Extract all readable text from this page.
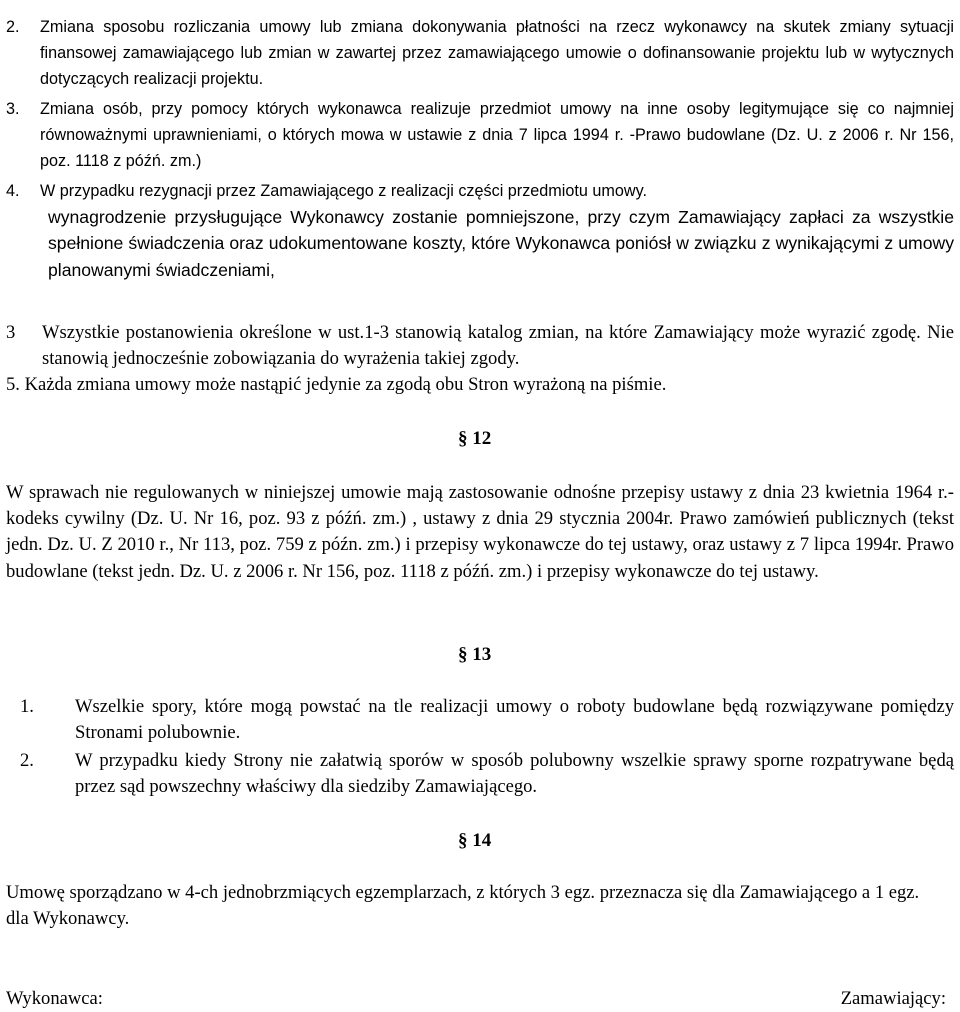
2.	Zmiana sposobu rozliczania umowy lub zmiana dokonywania płatności na rzecz wykonawcy na skutek zmiany sytuacji finansowej zamawiającego lub zmian w zawartej przez zamawiającego umowie o dofinansowanie projektu lub w wytycznych dotyczących realizacji projektu.
3.	Zmiana osób, przy pomocy których wykonawca realizuje przedmiot umowy na inne osoby legitymujące się co najmniej równoważnymi uprawnieniami, o których mowa w ustawie z dnia 7 lipca 1994 r. -Prawo budowlane (Dz. U. z 2006 r. Nr 156, poz. 1118 z późń. zm.)
4.	W przypadku rezygnacji przez Zamawiającego z realizacji części przedmiotu umowy.
wynagrodzenie przysługujące Wykonawcy zostanie pomniejszone, przy czym Zamawiający zapłaci za wszystkie spełnione świadczenia oraz udokumentowane koszty, które Wykonawca poniósł w związku z wynikającymi z umowy planowanymi świadczeniami,
3	Wszystkie postanowienia określone w ust.1-3 stanowią katalog zmian, na które Zamawiający może wyrazić zgodę. Nie stanowią jednocześnie zobowiązania do wyrażenia takiej zgody.
5. Każda zmiana umowy może nastąpić jedynie za zgodą obu Stron wyrażoną na piśmie.
§ 12
W sprawach nie regulowanych w niniejszej umowie mają zastosowanie odnośne przepisy ustawy z dnia 23 kwietnia 1964 r.-kodeks cywilny (Dz. U. Nr 16, poz. 93 z późń. zm.) , ustawy z dnia 29 stycznia 2004r. Prawo zamówień publicznych (tekst jedn. Dz. U. Z 2010 r., Nr 113, poz. 759 z późn. zm.) i przepisy wykonawcze do tej ustawy, oraz ustawy z 7 lipca 1994r. Prawo budowlane (tekst jedn. Dz. U. z 2006 r. Nr 156, poz. 1118 z późń. zm.) i przepisy wykonawcze do tej ustawy.
§ 13
1.	Wszelkie spory, które mogą powstać na tle realizacji umowy o roboty budowlane będą rozwiązywane pomiędzy Stronami polubownie.
2.	W przypadku kiedy Strony nie załatwią sporów w sposób polubowny wszelkie sprawy sporne rozpatrywane będą przez sąd powszechny właściwy dla siedziby Zamawiającego.
§ 14
Umowę sporządzano w 4-ch jednobrzmiących egzemplarzach, z których 3 egz. przeznacza się dla Zamawiającego a 1 egz. dla Wykonawcy.
Wykonawca:	Zamawiający:
